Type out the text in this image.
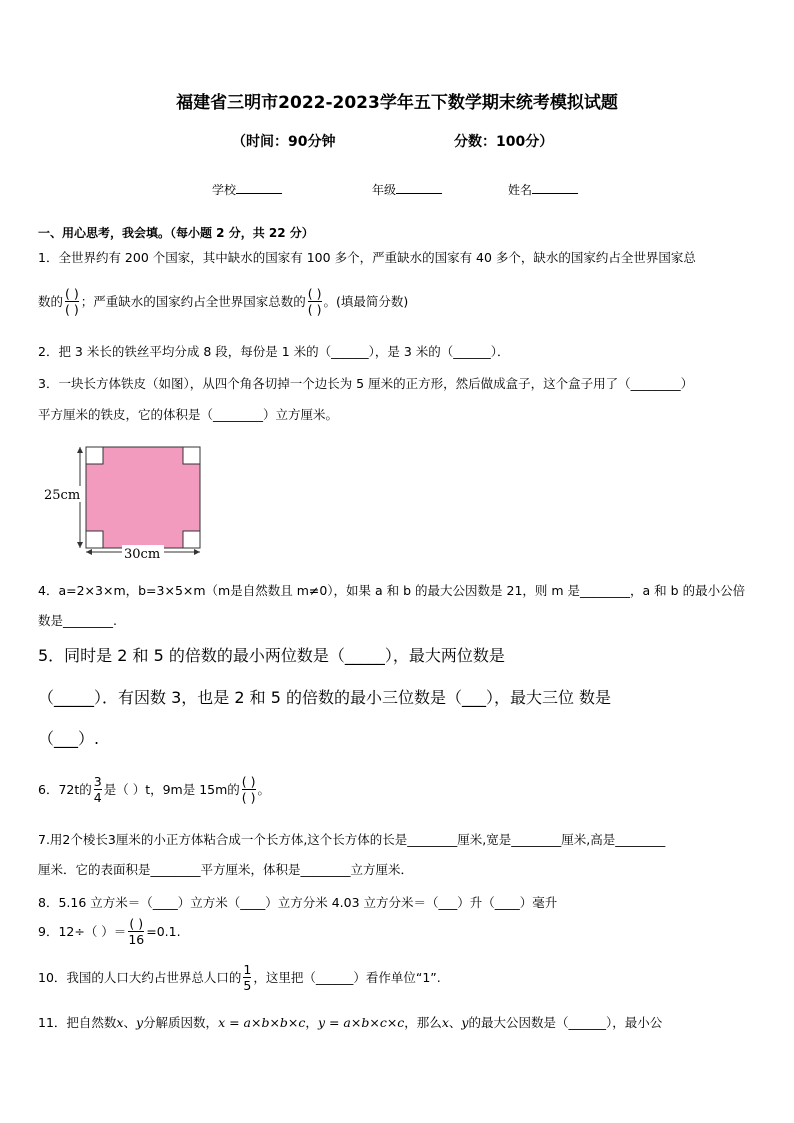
福建省三明市2022-2023学年五下数学期末统考模拟试题
（时间：90分钟	分数：100分）
学校	年级	姓名
一、用心思考，我会填。（每小题 2 分，共 22 分）
1．全世界约有 200 个国家，其中缺水的国家有 100 多个，严重缺水的国家有 40 多个，缺水的国家约占全世界国家总
数的 $\frac{( )}{( )}$ ；严重缺水的国家约占全世界国家总数的 $\frac{( )}{( )}$ 。(填最简分数)
2．把 3 米长的铁丝平均分成 8 段，每份是 1 米的（______），是 3 米的（______）．
3．一块长方体铁皮（如图），从四个角各切掉一个边长为 5 厘米的正方形，然后做成盒子，这个盒子用了（________）
平方厘米的铁皮，它的体积是（________）立方厘米。
25cm
30cm
4．a=2×3×m，b=3×5×m（m是自然数且 m≠0），如果 a 和 b 的最大公因数是 21，则 m 是________，a 和 b 的最小公倍
数是________.
5．同时是 2 和 5 的倍数的最小两位数是（_____），最大两位数是
（_____）．有因数 3，也是 2 和 5 的倍数的最小三位数是（___），最大三位 数是
（___）.
6．72t的 $\frac{3}{4}$ 是（ ）t，9m是 15m的 $\frac{( )}{( )}$ 。
7.用2个棱长3厘米的小正方体粘合成一个长方体,这个长方体的长是________厘米,宽是________厘米,高是________
厘米．它的表面积是________平方厘米，体积是________立方厘米．
8．5.16 立方米＝（____）立方米（____）立方分米 4.03 立方分米＝（___）升（____）毫升
9．12÷（ ）＝ $\frac{( )}{16} =0.1$.
10．我国的人口大约占世界总人口的 $\frac{1}{5}$ ，这里把（______）看作单位“1”.
11．把自然数x、y分解质因数，x = a×b×b×c，y = a×b×c×c，那么x、y的最大公因数是（______），最小公
